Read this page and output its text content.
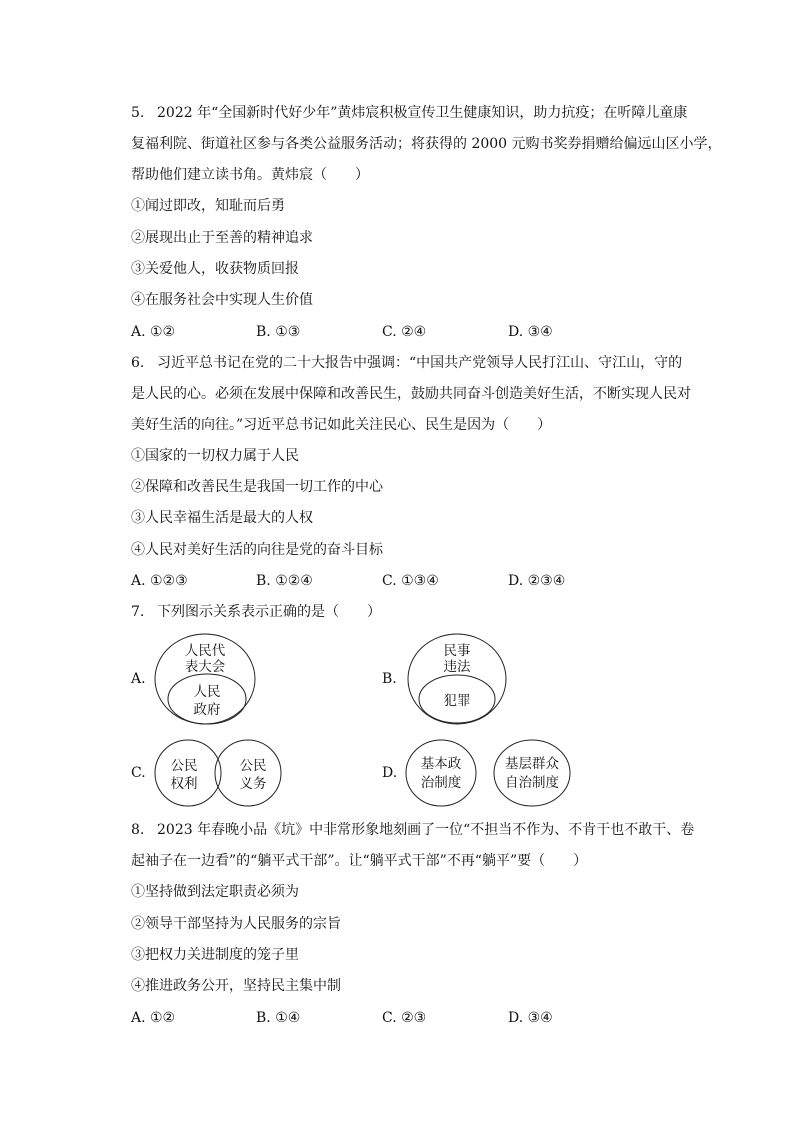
5. 2022 年“全国新时代好少年”黄炜宸积极宣传卫生健康知识，助力抗疫；在听障儿童康
复福利院、街道社区参与各类公益服务活动；将获得的 2000 元购书奖券捐赠给偏远山区小学，
帮助他们建立读书角。黄炜宸（　　）
①闻过即改，知耻而后勇
②展现出止于至善的精神追求
③关爱他人，收获物质回报
④在服务社会中实现人生价值
A. ①②	B. ①③	C. ②④	D. ③④
6. 习近平总书记在党的二十大报告中强调：“中国共产党领导人民打江山、守江山，守的
是人民的心。必须在发展中保障和改善民生，鼓励共同奋斗创造美好生活，不断实现人民对
美好生活的向往。”习近平总书记如此关注民心、民生是因为（　　）
①国家的一切权力属于人民
②保障和改善民生是我国一切工作的中心
③人民幸福生活是最大的人权
④人民对美好生活的向往是党的奋斗目标
A. ①②③	B. ①②④	C. ①③④	D. ②③④
7. 下列图示关系表示正确的是（　　）
A.
人民代
表大会
人民
政府
B.
民事
违法
犯罪
C. 公民
权利
公民
义务
D.
基本政
治制度
基层群众
自治制度
8. 2023 年春晚小品《坑》中非常形象地刻画了一位“不担当不作为、不肯干也不敢干、卷
起袖子在一边看”的“躺平式干部”。让“躺平式干部”不再“躺平”要（　　）
①坚持做到法定职责必须为
②领导干部坚持为人民服务的宗旨
③把权力关进制度的笼子里
④推进政务公开，坚持民主集中制
A. ①②	B. ①④	C. ②③	D. ③④
